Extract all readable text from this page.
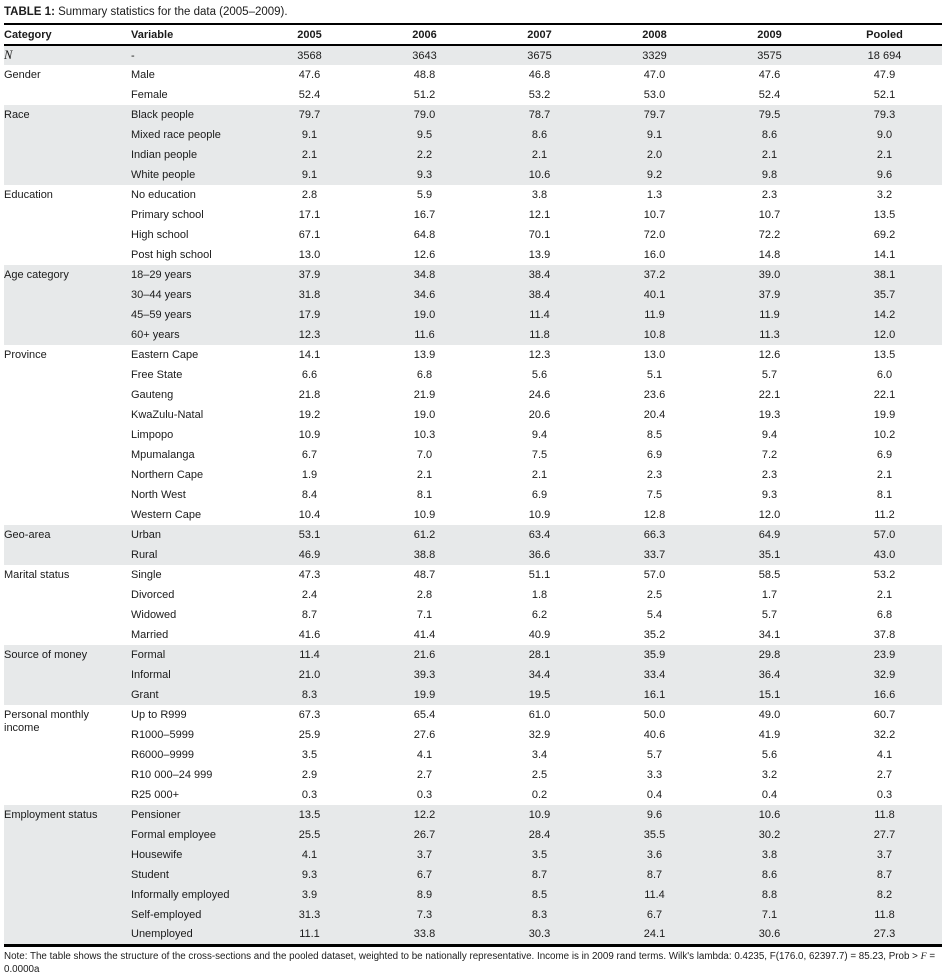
TABLE 1: Summary statistics for the data (2005–2009).
Category	Variable	2005	2006	2007	2008	2009	Pooled

N	-	3568	3643	3675	3329	3575	18 694

Gender	Male	47.6	48.8	46.8	47.0	47.6	47.9
	Female	52.4	51.2	53.2	53.0	52.4	52.1

Race	Black people	79.7	79.0	78.7	79.7	79.5	79.3
	Mixed race people	9.1	9.5	8.6	9.1	8.6	9.0
	Indian people	2.1	2.2	2.1	2.0	2.1	2.1
	White people	9.1	9.3	10.6	9.2	9.8	9.6

Education	No education	2.8	5.9	3.8	1.3	2.3	3.2
	Primary school	17.1	16.7	12.1	10.7	10.7	13.5
	High school	67.1	64.8	70.1	72.0	72.2	69.2
	Post high school	13.0	12.6	13.9	16.0	14.8	14.1

Age category	18–29 years	37.9	34.8	38.4	37.2	39.0	38.1
	30–44 years	31.8	34.6	38.4	40.1	37.9	35.7
	45–59 years	17.9	19.0	11.4	11.9	11.9	14.2
	60+ years	12.3	11.6	11.8	10.8	11.3	12.0

Province	Eastern Cape	14.1	13.9	12.3	13.0	12.6	13.5
	Free State	6.6	6.8	5.6	5.1	5.7	6.0
	Gauteng	21.8	21.9	24.6	23.6	22.1	22.1
	KwaZulu-Natal	19.2	19.0	20.6	20.4	19.3	19.9
	Limpopo	10.9	10.3	9.4	8.5	9.4	10.2
	Mpumalanga	6.7	7.0	7.5	6.9	7.2	6.9
	Northern Cape	1.9	2.1	2.1	2.3	2.3	2.1
	North West	8.4	8.1	6.9	7.5	9.3	8.1
	Western Cape	10.4	10.9	10.9	12.8	12.0	11.2

Geo-area	Urban	53.1	61.2	63.4	66.3	64.9	57.0
	Rural	46.9	38.8	36.6	33.7	35.1	43.0

Marital status	Single	47.3	48.7	51.1	57.0	58.5	53.2
	Divorced	2.4	2.8	1.8	2.5	1.7	2.1
	Widowed	8.7	7.1	6.2	5.4	5.7	6.8
	Married	41.6	41.4	40.9	35.2	34.1	37.8

Source of money	Formal	11.4	21.6	28.1	35.9	29.8	23.9
	Informal	21.0	39.3	34.4	33.4	36.4	32.9
	Grant	8.3	19.9	19.5	16.1	15.1	16.6

Personal monthly income	Up to R999	67.3	65.4	61.0	50.0	49.0	60.7
	R1000–5999	25.9	27.6	32.9	40.6	41.9	32.2
	R6000–9999	3.5	4.1	3.4	5.7	5.6	4.1
	R10 000–24 999	2.9	2.7	2.5	3.3	3.2	2.7
	R25 000+	0.3	0.3	0.2	0.4	0.4	0.3

Employment status	Pensioner	13.5	12.2	10.9	9.6	10.6	11.8
	Formal employee	25.5	26.7	28.4	35.5	30.2	27.7
	Housewife	4.1	3.7	3.5	3.6	3.8	3.7
	Student	9.3	6.7	8.7	8.7	8.6	8.7
	Informally employed	3.9	8.9	8.5	11.4	8.8	8.2
	Self-employed	31.3	7.3	8.3	6.7	7.1	11.8
	Unemployed	11.1	33.8	30.3	24.1	30.6	27.3
Note: The table shows the structure of the cross-sections and the pooled dataset, weighted to be nationally representative. Income is in 2009 rand terms. Wilk's lambda: 0.4235, F(176.0, 62397.7) = 85.23, Prob > F = 0.0000a
